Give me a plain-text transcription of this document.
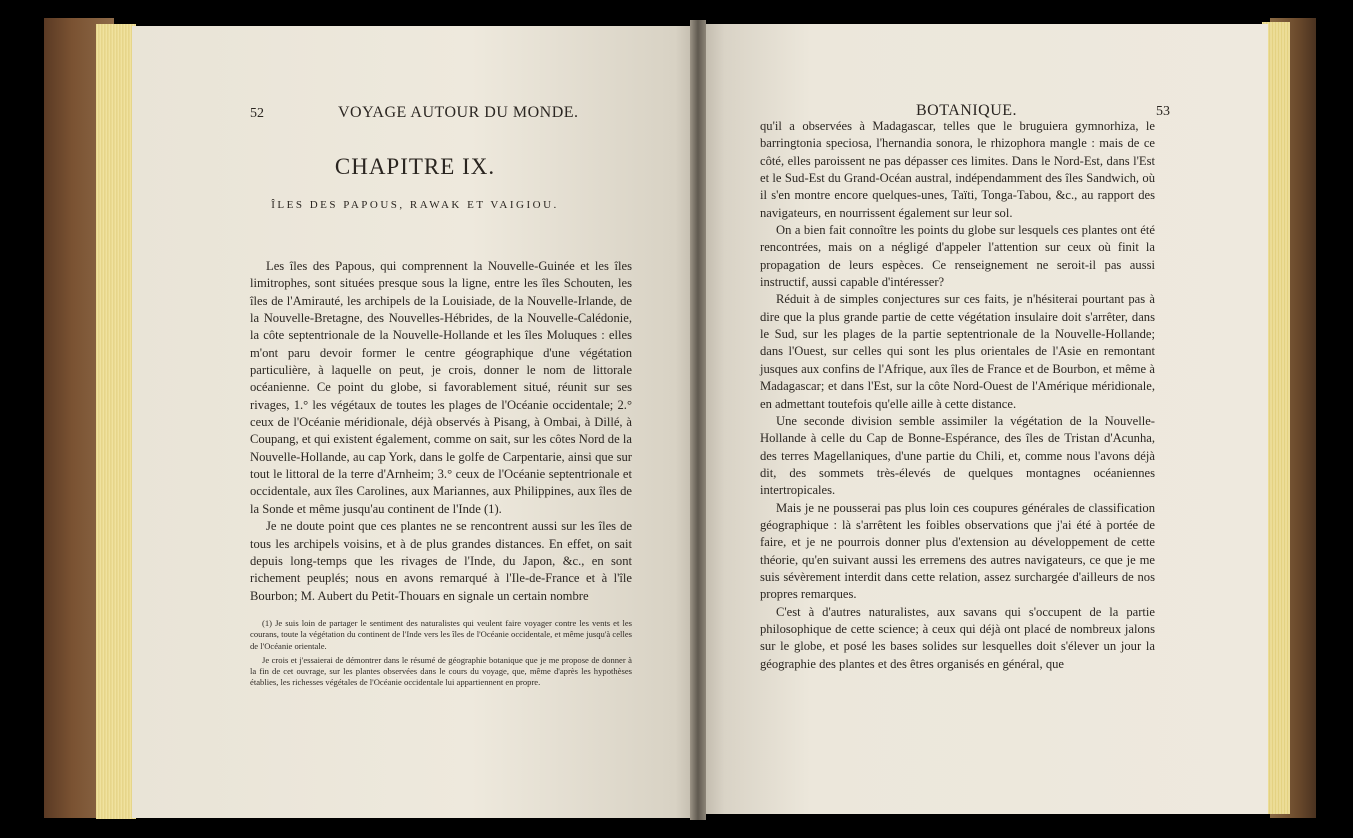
52	VOYAGE AUTOUR DU MONDE.
CHAPITRE IX.
ÎLES DES PAPOUS, RAWAK ET VAIGIOU.

Les îles des Papous, qui comprennent la Nouvelle-Guinée et les îles limitrophes, sont situées presque sous la ligne, entre les îles Schouten, les îles de l'Amirauté, les archipels de la Louisiade, de la Nouvelle-Irlande, de la Nouvelle-Bretagne, des Nouvelles-Hébrides, de la Nouvelle-Calédonie, la côte septentrionale de la Nouvelle-Hollande et les îles Moluques : elles m'ont paru devoir former le centre géographique d'une végétation particulière, à laquelle on peut, je crois, donner le nom de littorale océanienne. Ce point du globe, si favorablement situé, réunit sur ses rivages, 1.° les végétaux de toutes les plages de l'Océanie occidentale; 2.° ceux de l'Océanie méridionale, déjà observés à Pisang, à Ombai, à Dillé, à Coupang, et qui existent également, comme on sait, sur les côtes Nord de la Nouvelle-Hollande, au cap York, dans le golfe de Carpentarie, ainsi que sur tout le littoral de la terre d'Arnheim; 3.° ceux de l'Océanie septentrionale et occidentale, aux îles Carolines, aux Mariannes, aux Philippines, aux îles de la Sonde et même jusqu'au continent de l'Inde (1).

Je ne doute point que ces plantes ne se rencontrent aussi sur les îles de tous les archipels voisins, et à de plus grandes distances. En effet, on sait depuis long-temps que les rivages de l'Inde, du Japon, &c., en sont richement peuplés; nous en avons remarqué à l'Ile-de-France et à l'île Bourbon; M. Aubert du Petit-Thouars en signale un certain nombre

(1) Je suis loin de partager le sentiment des naturalistes qui veulent faire voyager contre les vents et les courans, toute la végétation du continent de l'Inde vers les îles de l'Océanie occidentale, et même jusqu'à celles de l'Océanie orientale.

Je crois et j'essaierai de démontrer dans le résumé de géographie botanique que je me propose de donner à la fin de cet ouvrage, sur les plantes observées dans le cours du voyage, que, même d'après les hypothèses établies, les richesses végétales de l'Océanie occidentale lui appartiennent en propre.

BOTANIQUE.	53

qu'il a observées à Madagascar, telles que le bruguiera gymnorhiza, le barringtonia speciosa, l'hernandia sonora, le rhizophora mangle : mais de ce côté, elles paroissent ne pas dépasser ces limites. Dans le Nord-Est, dans l'Est et le Sud-Est du Grand-Océan austral, indépendamment des îles Sandwich, où il s'en montre encore quelques-unes, Taïti, Tonga-Tabou, &c., au rapport des navigateurs, en nourrissent également sur leur sol.

On a bien fait connoître les points du globe sur lesquels ces plantes ont été rencontrées, mais on a négligé d'appeler l'attention sur ceux où finit la propagation de leurs espèces. Ce renseignement ne seroit-il pas aussi instructif, aussi capable d'intéresser?

Réduit à de simples conjectures sur ces faits, je n'hésiterai pourtant pas à dire que la plus grande partie de cette végétation insulaire doit s'arrêter, dans le Sud, sur les plages de la partie septentrionale de la Nouvelle-Hollande; dans l'Ouest, sur celles qui sont les plus orientales de l'Asie en remontant jusques aux confins de l'Afrique, aux îles de France et de Bourbon, et même à Madagascar; et dans l'Est, sur la côte Nord-Ouest de l'Amérique méridionale, en admettant toutefois qu'elle aille à cette distance.

Une seconde division semble assimiler la végétation de la Nouvelle-Hollande à celle du Cap de Bonne-Espérance, des îles de Tristan d'Acunha, des terres Magellaniques, d'une partie du Chili, et, comme nous l'avons déjà dit, des sommets très-élevés de quelques montagnes océaniennes intertropicales.

Mais je ne pousserai pas plus loin ces coupures générales de classification géographique : là s'arrêtent les foibles observations que j'ai été à portée de faire, et je ne pourrois donner plus d'extension au développement de cette théorie, qu'en suivant aussi les erremens des autres navigateurs, ce que je me suis sévèrement interdit dans cette relation, assez surchargée d'ailleurs de nos propres remarques.

C'est à d'autres naturalistes, aux savans qui s'occupent de la partie philosophique de cette science; à ceux qui déjà ont placé de nombreux jalons sur le globe, et posé les bases solides sur lesquelles doit s'élever un jour la géographie des plantes et des êtres organisés en général, que
